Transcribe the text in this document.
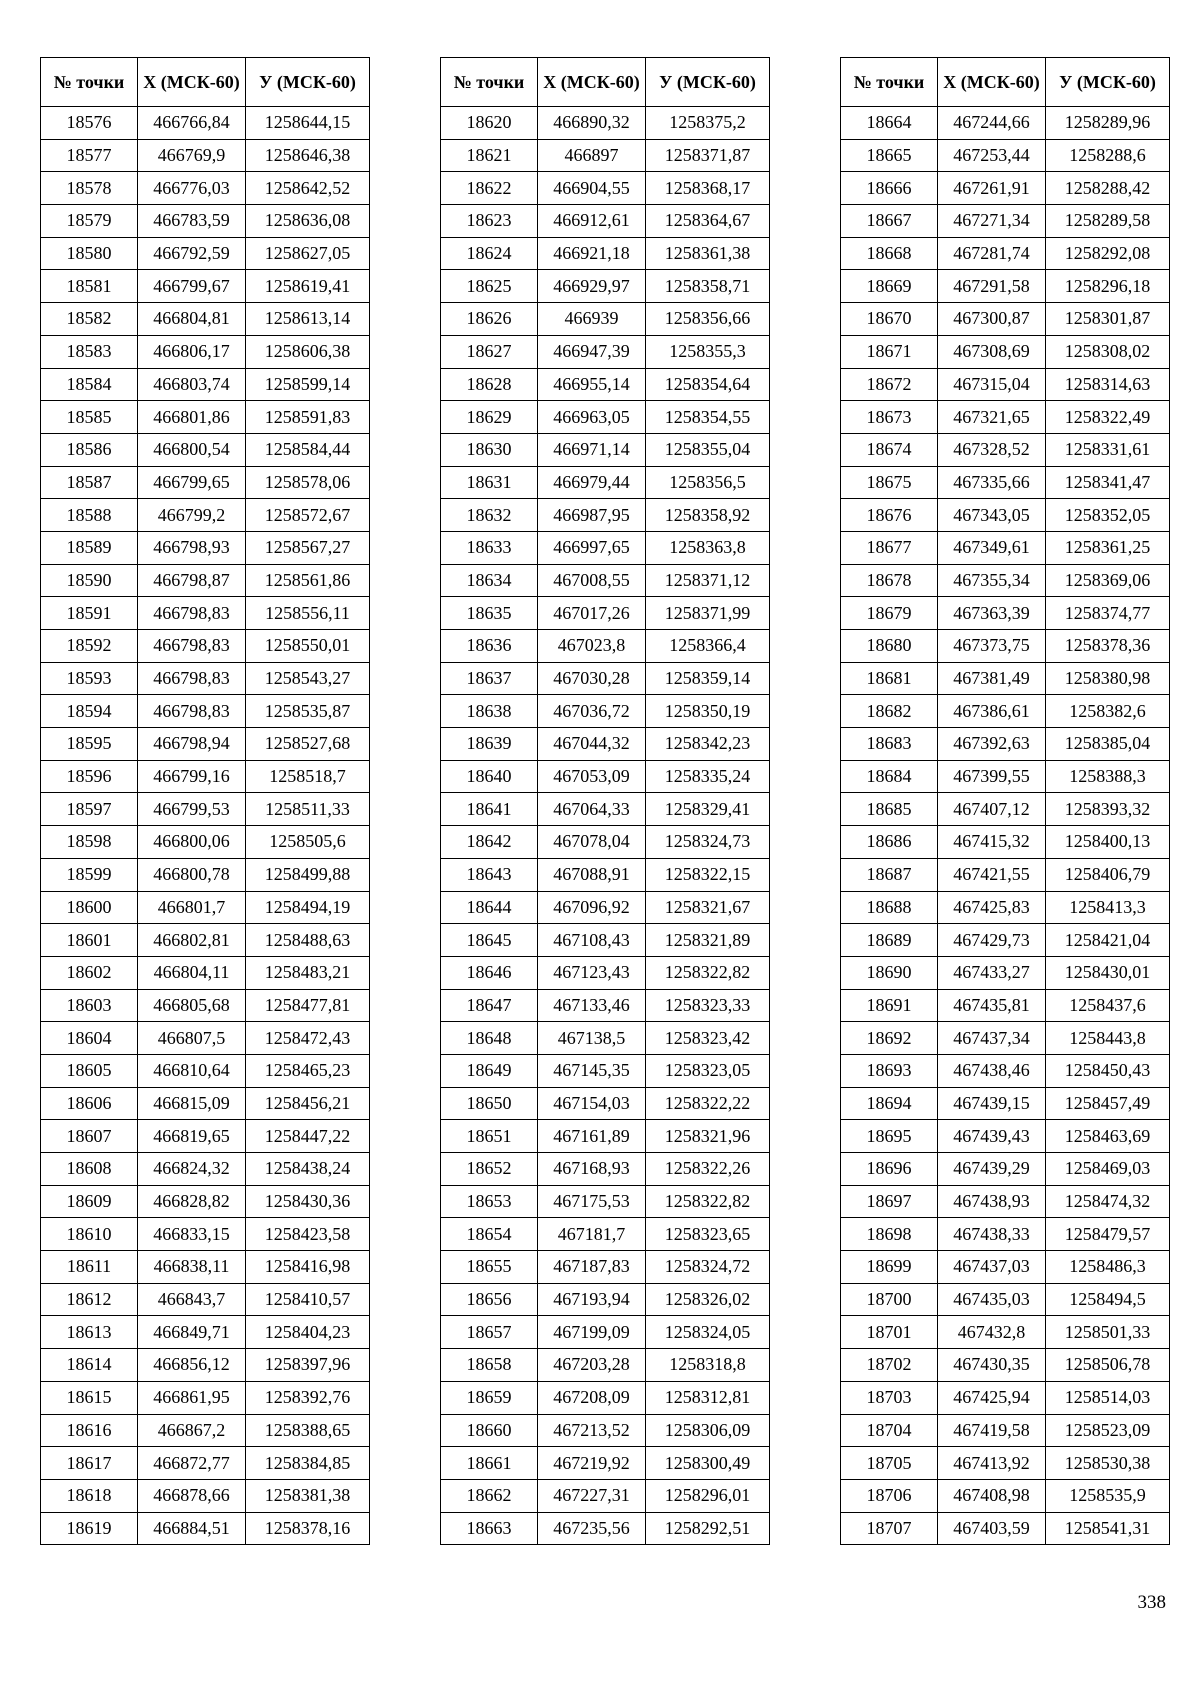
№ точки	Х (МСК-60)	У (МСК-60)
18576	466766,84	1258644,15
18577	466769,9	1258646,38
18578	466776,03	1258642,52
18579	466783,59	1258636,08
18580	466792,59	1258627,05
18581	466799,67	1258619,41
18582	466804,81	1258613,14
18583	466806,17	1258606,38
18584	466803,74	1258599,14
18585	466801,86	1258591,83
18586	466800,54	1258584,44
18587	466799,65	1258578,06
18588	466799,2	1258572,67
18589	466798,93	1258567,27
18590	466798,87	1258561,86
18591	466798,83	1258556,11
18592	466798,83	1258550,01
18593	466798,83	1258543,27
18594	466798,83	1258535,87
18595	466798,94	1258527,68
18596	466799,16	1258518,7
18597	466799,53	1258511,33
18598	466800,06	1258505,6
18599	466800,78	1258499,88
18600	466801,7	1258494,19
18601	466802,81	1258488,63
18602	466804,11	1258483,21
18603	466805,68	1258477,81
18604	466807,5	1258472,43
18605	466810,64	1258465,23
18606	466815,09	1258456,21
18607	466819,65	1258447,22
18608	466824,32	1258438,24
18609	466828,82	1258430,36
18610	466833,15	1258423,58
18611	466838,11	1258416,98
18612	466843,7	1258410,57
18613	466849,71	1258404,23
18614	466856,12	1258397,96
18615	466861,95	1258392,76
18616	466867,2	1258388,65
18617	466872,77	1258384,85
18618	466878,66	1258381,38
18619	466884,51	1258378,16
№ точки	Х (МСК-60)	У (МСК-60)
18620	466890,32	1258375,2
18621	466897	1258371,87
18622	466904,55	1258368,17
18623	466912,61	1258364,67
18624	466921,18	1258361,38
18625	466929,97	1258358,71
18626	466939	1258356,66
18627	466947,39	1258355,3
18628	466955,14	1258354,64
18629	466963,05	1258354,55
18630	466971,14	1258355,04
18631	466979,44	1258356,5
18632	466987,95	1258358,92
18633	466997,65	1258363,8
18634	467008,55	1258371,12
18635	467017,26	1258371,99
18636	467023,8	1258366,4
18637	467030,28	1258359,14
18638	467036,72	1258350,19
18639	467044,32	1258342,23
18640	467053,09	1258335,24
18641	467064,33	1258329,41
18642	467078,04	1258324,73
18643	467088,91	1258322,15
18644	467096,92	1258321,67
18645	467108,43	1258321,89
18646	467123,43	1258322,82
18647	467133,46	1258323,33
18648	467138,5	1258323,42
18649	467145,35	1258323,05
18650	467154,03	1258322,22
18651	467161,89	1258321,96
18652	467168,93	1258322,26
18653	467175,53	1258322,82
18654	467181,7	1258323,65
18655	467187,83	1258324,72
18656	467193,94	1258326,02
18657	467199,09	1258324,05
18658	467203,28	1258318,8
18659	467208,09	1258312,81
18660	467213,52	1258306,09
18661	467219,92	1258300,49
18662	467227,31	1258296,01
18663	467235,56	1258292,51
№ точки	Х (МСК-60)	У (МСК-60)
18664	467244,66	1258289,96
18665	467253,44	1258288,6
18666	467261,91	1258288,42
18667	467271,34	1258289,58
18668	467281,74	1258292,08
18669	467291,58	1258296,18
18670	467300,87	1258301,87
18671	467308,69	1258308,02
18672	467315,04	1258314,63
18673	467321,65	1258322,49
18674	467328,52	1258331,61
18675	467335,66	1258341,47
18676	467343,05	1258352,05
18677	467349,61	1258361,25
18678	467355,34	1258369,06
18679	467363,39	1258374,77
18680	467373,75	1258378,36
18681	467381,49	1258380,98
18682	467386,61	1258382,6
18683	467392,63	1258385,04
18684	467399,55	1258388,3
18685	467407,12	1258393,32
18686	467415,32	1258400,13
18687	467421,55	1258406,79
18688	467425,83	1258413,3
18689	467429,73	1258421,04
18690	467433,27	1258430,01
18691	467435,81	1258437,6
18692	467437,34	1258443,8
18693	467438,46	1258450,43
18694	467439,15	1258457,49
18695	467439,43	1258463,69
18696	467439,29	1258469,03
18697	467438,93	1258474,32
18698	467438,33	1258479,57
18699	467437,03	1258486,3
18700	467435,03	1258494,5
18701	467432,8	1258501,33
18702	467430,35	1258506,78
18703	467425,94	1258514,03
18704	467419,58	1258523,09
18705	467413,92	1258530,38
18706	467408,98	1258535,9
18707	467403,59	1258541,31
338
